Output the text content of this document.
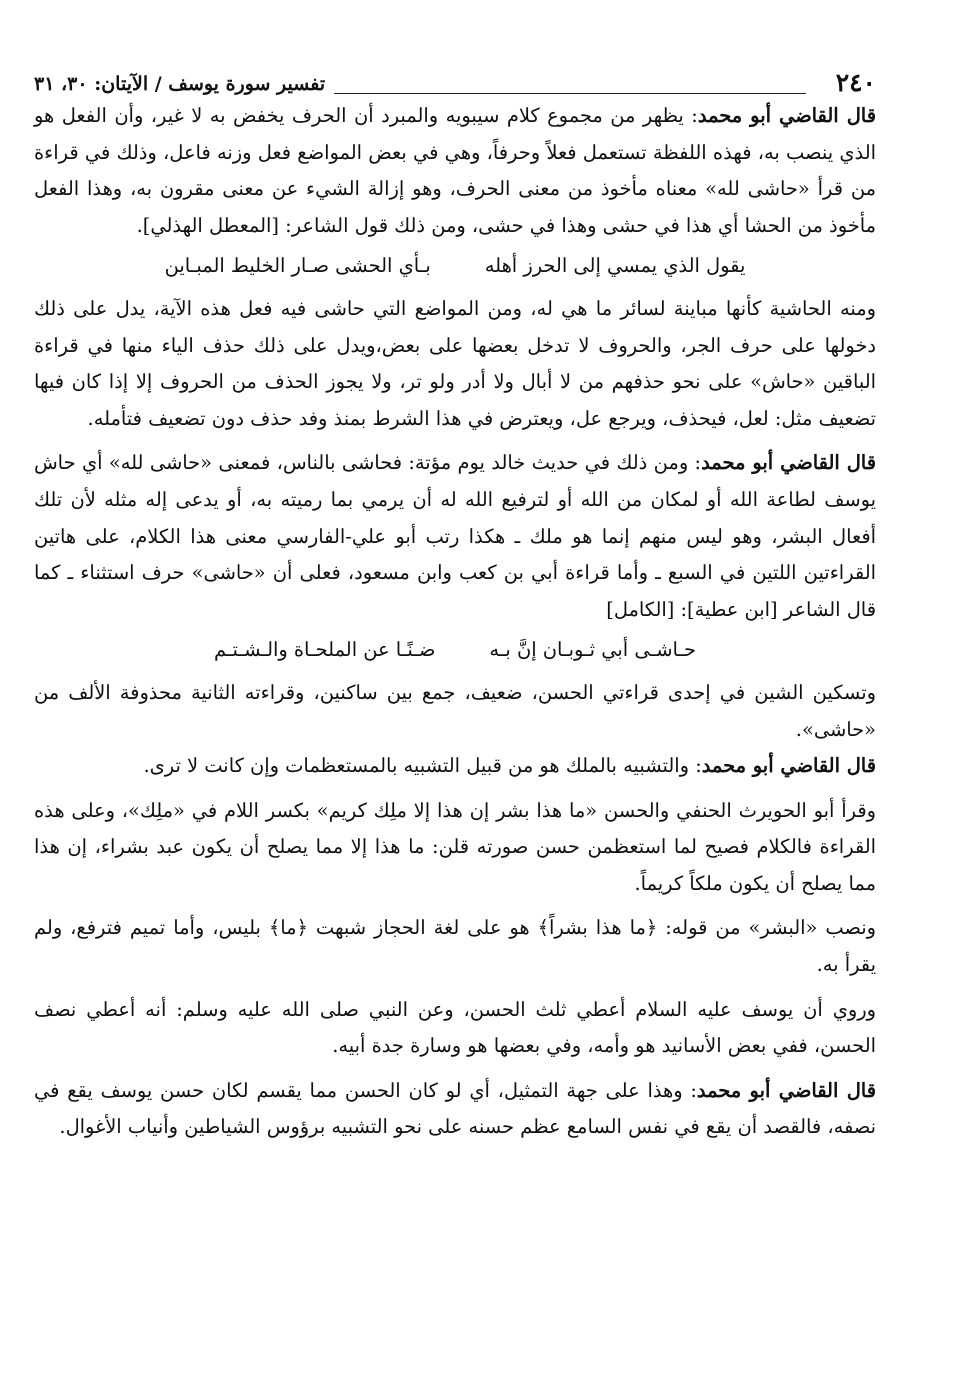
٢٤٠
تفسير سورة يوسف / الآيتان: ٣٠، ٣١

قال القاضي أبو محمد: يظهر من مجموع كلام سيبويه والمبرد أن الحرف يخفض به لا غير، وأن الفعل هو الذي ينصب به، فهذه اللفظة تستعمل فعلاً وحرفاً، وهي في بعض المواضع فعل وزنه فاعل، وذلك في قراءة من قرأ «حاشى لله» معناه مأخوذ من معنى الحرف، وهو إزالة الشيء عن معنى مقرون به، وهذا الفعل مأخوذ من الحشا أي هذا في حشى وهذا في حشى، ومن ذلك قول الشاعر: [المعطل الهذلي].

يقول الذي يمسي إلى الحرز أهله
بـأي الحشى صـار الخليط المبـاين

ومنه الحاشية كأنها مباينة لسائر ما هي له، ومن المواضع التي حاشى فيه فعل هذه الآية، يدل على ذلك دخولها على حرف الجر، والحروف لا تدخل بعضها على بعض،ويدل على ذلك حذف الياء منها في قراءة الباقين «حاش» على نحو حذفهم من لا أبال ولا أدر ولو تر، ولا يجوز الحذف من الحروف إلا إذا كان فيها تضعيف مثل: لعل، فيحذف، ويرجع عل، ويعترض في هذا الشرط بمنذ وفد حذف دون تضعيف فتأمله.

قال القاضي أبو محمد: ومن ذلك في حديث خالد يوم مؤتة: فحاشى بالناس، فمعنى «حاشى لله» أي حاش يوسف لطاعة الله أو لمكان من الله أو لترفيع الله له أن يرمي بما رميته به، أو يدعى إله مثله لأن تلك أفعال البشر، وهو ليس منهم إنما هو ملك ـ هكذا رتب أبو علي-الفارسي معنى هذا الكلام، على هاتين القراءتين اللتين في السبع ـ وأما قراءة أبي بن كعب وابن مسعود، فعلى أن «حاشى» حرف استثناء ـ كما قال الشاعر [ابن عطية]: [الكامل]

حـاشـى أبي ثـوبـان إنَّ بـه
ضـنًـا عن الملحـاة والـشـتـم

وتسكين الشين في إحدى قراءتي الحسن، ضعيف، جمع بين ساكنين، وقراءته الثانية محذوفة الألف من «حاشى».

قال القاضي أبو محمد: والتشبيه بالملك هو من قبيل التشبيه بالمستعظمات وإن كانت لا ترى.

وقرأ أبو الحويرث الحنفي والحسن «ما هذا بشر إن هذا إلا ملِك كريم» بكسر اللام في «ملِك»، وعلى هذه القراءة فالكلام فصيح لما استعظمن حسن صورته قلن: ما هذا إلا مما يصلح أن يكون عبد بشراء، إن هذا مما يصلح أن يكون ملكاً كريماً.

ونصب «البشر» من قوله: ﴿ما هذا بشراً﴾ هو على لغة الحجاز شبهت ﴿ما﴾ بليس، وأما تميم فترفع، ولم يقرأ به.

وروي أن يوسف عليه السلام أعطي ثلث الحسن، وعن النبي صلى الله عليه وسلم: أنه أعطي نصف الحسن، ففي بعض الأسانيد هو وأمه، وفي بعضها هو وسارة جدة أبيه.

قال القاضي أبو محمد: وهذا على جهة التمثيل، أي لو كان الحسن مما يقسم لكان حسن يوسف يقع في نصفه، فالقصد أن يقع في نفس السامع عظم حسنه على نحو التشبيه برؤوس الشياطين وأنياب الأغوال.
